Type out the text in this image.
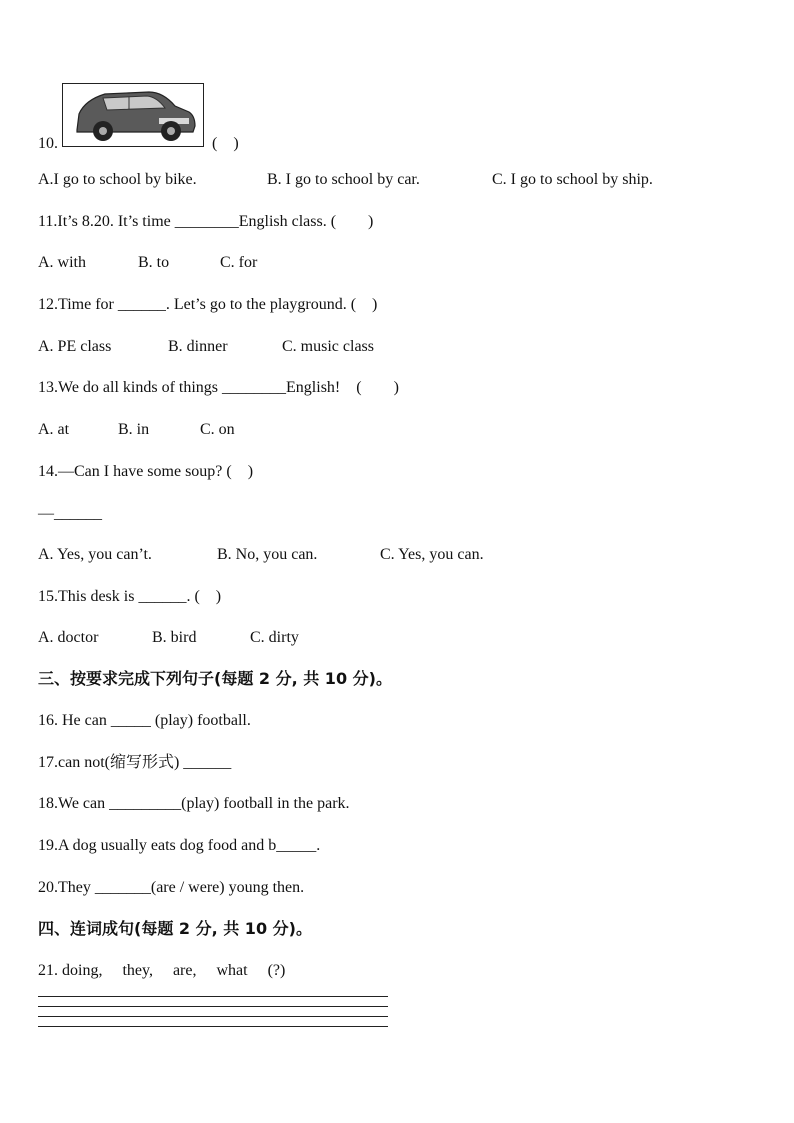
10.	(　)
A.I go to school by bike.	B. I go to school by car.	C. I go to school by ship.
11.It’s 8.20. It’s time ________English class. (　　)
A. with	B. to	C. for
12.Time for ______. Let’s go to the playground. (　)
A. PE class	B. dinner	C. music class
13.We do all kinds of things ________English!　(　　)
A. at	B. in	C. on
14.—Can I have some soup? (　)
—______
A. Yes, you can’t.	B. No, you can.	C. Yes, you can.
15.This desk is ______. (　)
A. doctor	B. bird	C. dirty
三、按要求完成下列句子(每题 2 分, 共 10 分)。
16. He can _____ (play) football.
17.can not(缩写形式) ______
18.We can _________(play) football in the park.
19.A dog usually eats dog food and b_____.
20.They _______(are / were) young then.
四、连词成句(每题 2 分, 共 10 分)。
21. doing,　 they,　 are,　 what　 (?)
